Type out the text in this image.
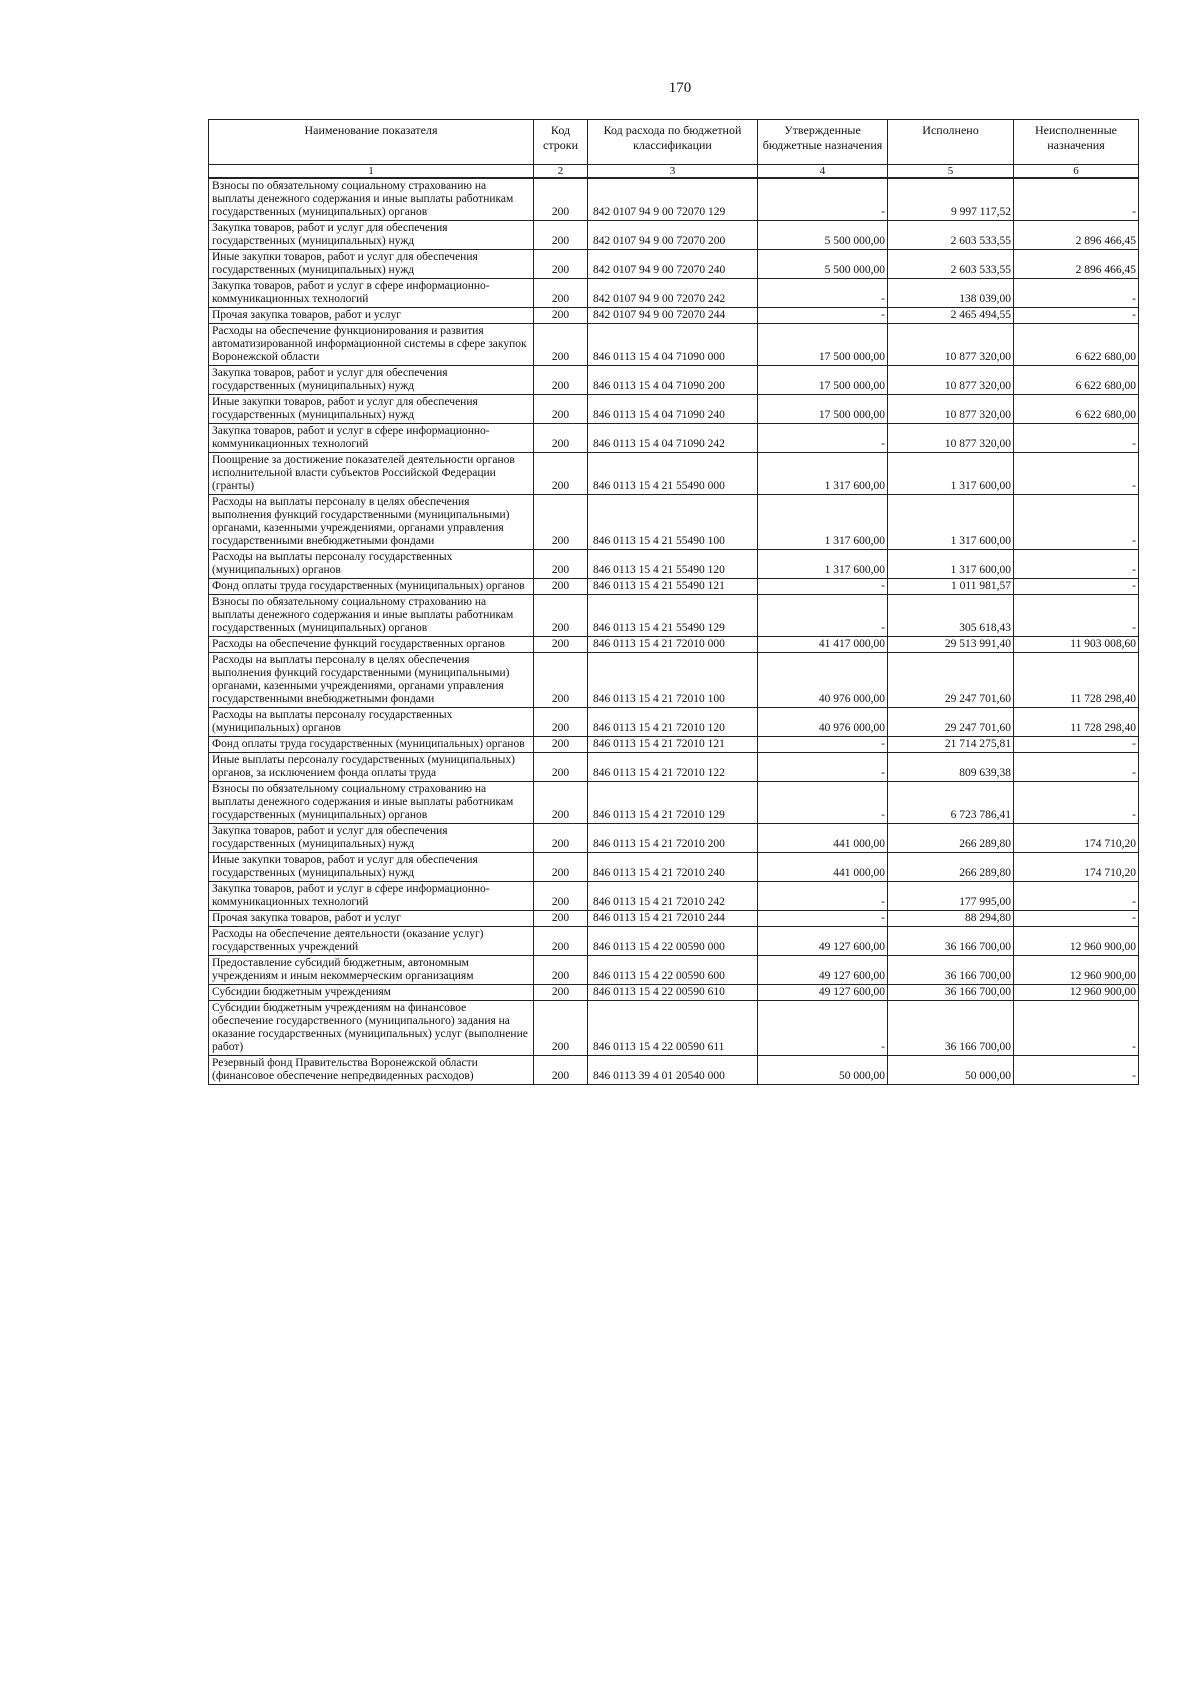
170
Наименование показателя	Код строки	Код расхода по бюджетной классификации	Утвержденные бюджетные назначения	Исполнено	Неисполненные назначения
1	2	3	4	5	6
Взносы по обязательному социальному страхованию на выплаты денежного содержания и иные выплаты работникам государственных (муниципальных) органов	200	842 0107 94 9 00 72070 129	-	9 997 117,52	-
Закупка товаров, работ и услуг для обеспечения государственных (муниципальных) нужд	200	842 0107 94 9 00 72070 200	5 500 000,00	2 603 533,55	2 896 466,45
Иные закупки товаров, работ и услуг для обеспечения государственных (муниципальных) нужд	200	842 0107 94 9 00 72070 240	5 500 000,00	2 603 533,55	2 896 466,45
Закупка товаров, работ и услуг в сфере информационно-коммуникационных технологий	200	842 0107 94 9 00 72070 242	-	138 039,00	-
Прочая закупка товаров, работ и услуг	200	842 0107 94 9 00 72070 244	-	2 465 494,55	-
Расходы на обеспечение функционирования и развития автоматизированной информационной системы в сфере закупок Воронежской области	200	846 0113 15 4 04 71090 000	17 500 000,00	10 877 320,00	6 622 680,00
Закупка товаров, работ и услуг для обеспечения государственных (муниципальных) нужд	200	846 0113 15 4 04 71090 200	17 500 000,00	10 877 320,00	6 622 680,00
Иные закупки товаров, работ и услуг для обеспечения государственных (муниципальных) нужд	200	846 0113 15 4 04 71090 240	17 500 000,00	10 877 320,00	6 622 680,00
Закупка товаров, работ и услуг в сфере информационно-коммуникационных технологий	200	846 0113 15 4 04 71090 242	-	10 877 320,00	-
Поощрение за достижение показателей деятельности органов исполнительной власти субъектов Российской Федерации (гранты)	200	846 0113 15 4 21 55490 000	1 317 600,00	1 317 600,00	-
Расходы на выплаты персоналу в целях обеспечения выполнения функций государственными (муниципальными) органами, казенными учреждениями, органами управления государственными внебюджетными фондами	200	846 0113 15 4 21 55490 100	1 317 600,00	1 317 600,00	-
Расходы на выплаты персоналу государственных (муниципальных) органов	200	846 0113 15 4 21 55490 120	1 317 600,00	1 317 600,00	-
Фонд оплаты труда государственных (муниципальных) органов	200	846 0113 15 4 21 55490 121	-	1 011 981,57	-
Взносы по обязательному социальному страхованию на выплаты денежного содержания и иные выплаты работникам государственных (муниципальных) органов	200	846 0113 15 4 21 55490 129	-	305 618,43	-
Расходы на обеспечение функций государственных органов	200	846 0113 15 4 21 72010 000	41 417 000,00	29 513 991,40	11 903 008,60
Расходы на выплаты персоналу в целях обеспечения выполнения функций государственными (муниципальными) органами, казенными учреждениями, органами управления государственными внебюджетными фондами	200	846 0113 15 4 21 72010 100	40 976 000,00	29 247 701,60	11 728 298,40
Расходы на выплаты персоналу государственных (муниципальных) органов	200	846 0113 15 4 21 72010 120	40 976 000,00	29 247 701,60	11 728 298,40
Фонд оплаты труда государственных (муниципальных) органов	200	846 0113 15 4 21 72010 121	-	21 714 275,81	-
Иные выплаты персоналу государственных (муниципальных) органов, за исключением фонда оплаты труда	200	846 0113 15 4 21 72010 122	-	809 639,38	-
Взносы по обязательному социальному страхованию на выплаты денежного содержания и иные выплаты работникам государственных (муниципальных) органов	200	846 0113 15 4 21 72010 129	-	6 723 786,41	-
Закупка товаров, работ и услуг для обеспечения государственных (муниципальных) нужд	200	846 0113 15 4 21 72010 200	441 000,00	266 289,80	174 710,20
Иные закупки товаров, работ и услуг для обеспечения государственных (муниципальных) нужд	200	846 0113 15 4 21 72010 240	441 000,00	266 289,80	174 710,20
Закупка товаров, работ и услуг в сфере информационно-коммуникационных технологий	200	846 0113 15 4 21 72010 242	-	177 995,00	-
Прочая закупка товаров, работ и услуг	200	846 0113 15 4 21 72010 244	-	88 294,80	-
Расходы на обеспечение деятельности (оказание услуг) государственных учреждений	200	846 0113 15 4 22 00590 000	49 127 600,00	36 166 700,00	12 960 900,00
Предоставление субсидий бюджетным, автономным учреждениям и иным некоммерческим организациям	200	846 0113 15 4 22 00590 600	49 127 600,00	36 166 700,00	12 960 900,00
Субсидии бюджетным учреждениям	200	846 0113 15 4 22 00590 610	49 127 600,00	36 166 700,00	12 960 900,00
Субсидии бюджетным учреждениям на финансовое обеспечение государственного (муниципального) задания на оказание государственных (муниципальных) услуг (выполнение работ)	200	846 0113 15 4 22 00590 611	-	36 166 700,00	-
Резервный фонд Правительства Воронежской области (финансовое обеспечение непредвиденных расходов)	200	846 0113 39 4 01 20540 000	50 000,00	50 000,00	-
